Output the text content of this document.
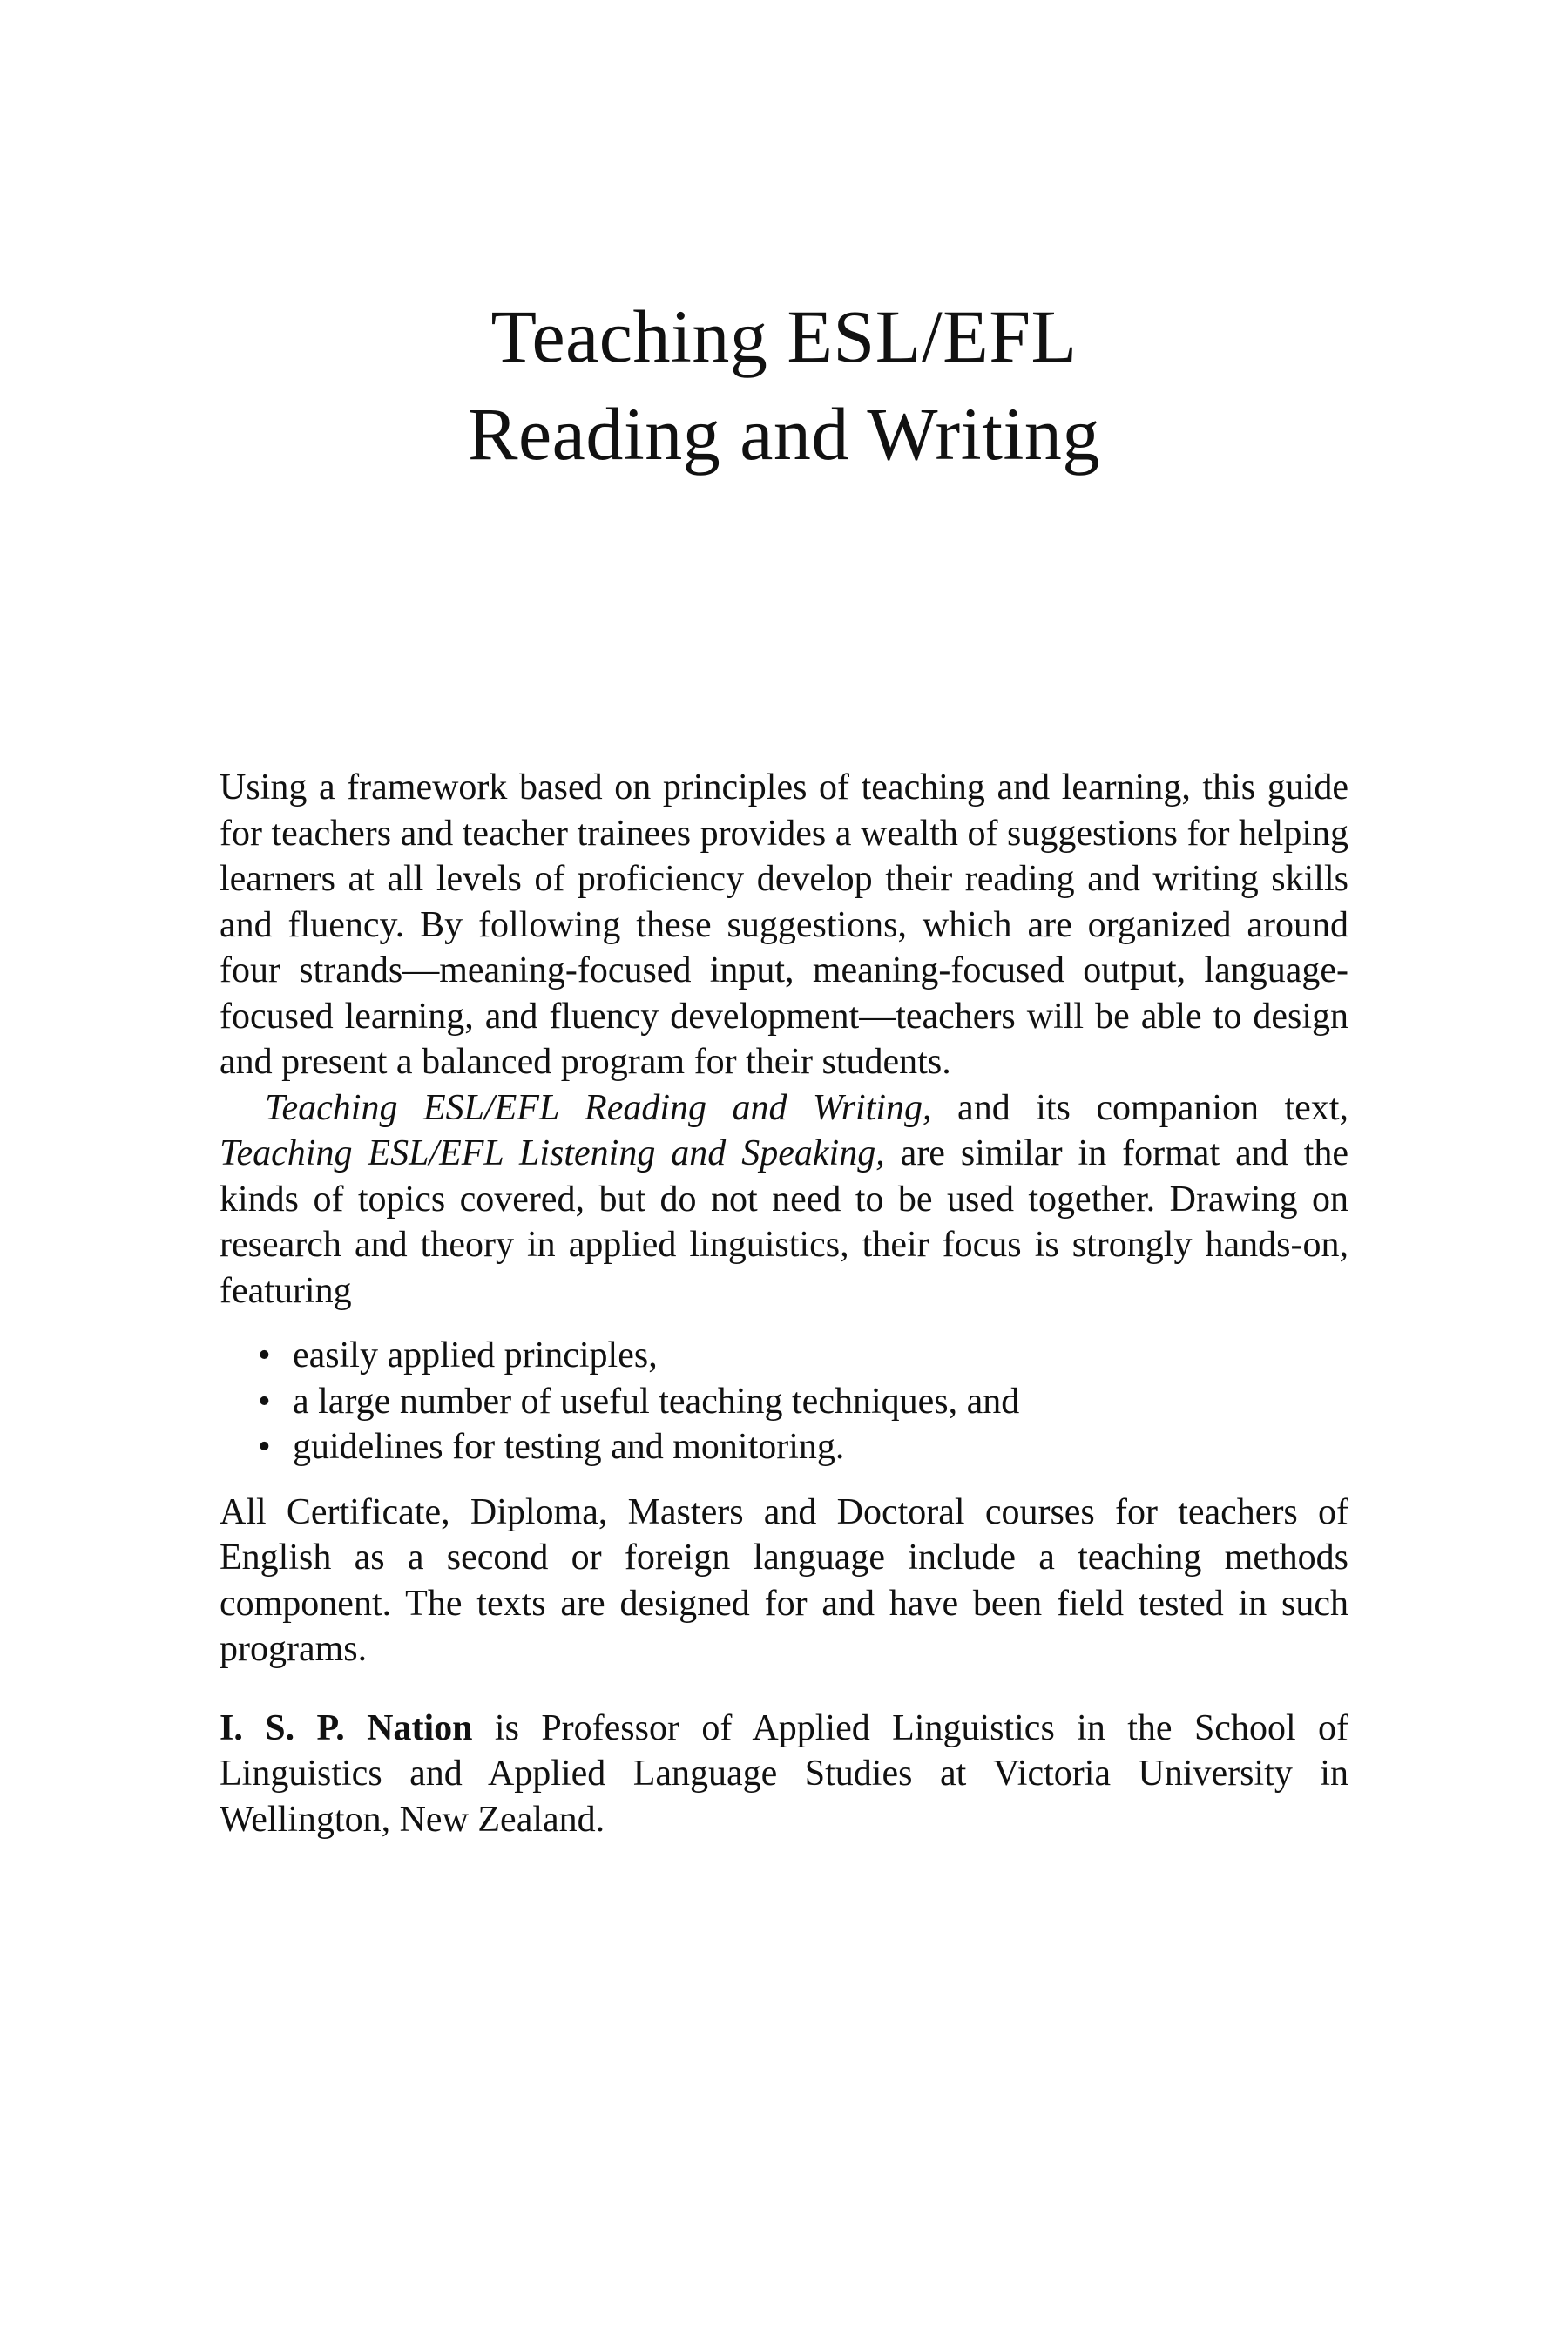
Teaching ESL/EFL
Reading and Writing

Using a framework based on principles of teaching and learning, this guide for teachers and teacher trainees provides a wealth of suggestions for helping learners at all levels of proficiency develop their reading and writing skills and fluency. By following these suggestions, which are organized around four strands—meaning-focused input, meaning-focused output, language-focused learning, and fluency development—teachers will be able to design and present a balanced program for their students.

Teaching ESL/EFL Reading and Writing, and its companion text, Teaching ESL/EFL Listening and Speaking, are similar in format and the kinds of topics covered, but do not need to be used together. Drawing on research and theory in applied linguistics, their focus is strongly hands-on, featuring

• easily applied principles,
• a large number of useful teaching techniques, and
• guidelines for testing and monitoring.

All Certificate, Diploma, Masters and Doctoral courses for teachers of English as a second or foreign language include a teaching methods component. The texts are designed for and have been field tested in such programs.

I. S. P. Nation is Professor of Applied Linguistics in the School of Linguistics and Applied Language Studies at Victoria University in Wellington, New Zealand.
